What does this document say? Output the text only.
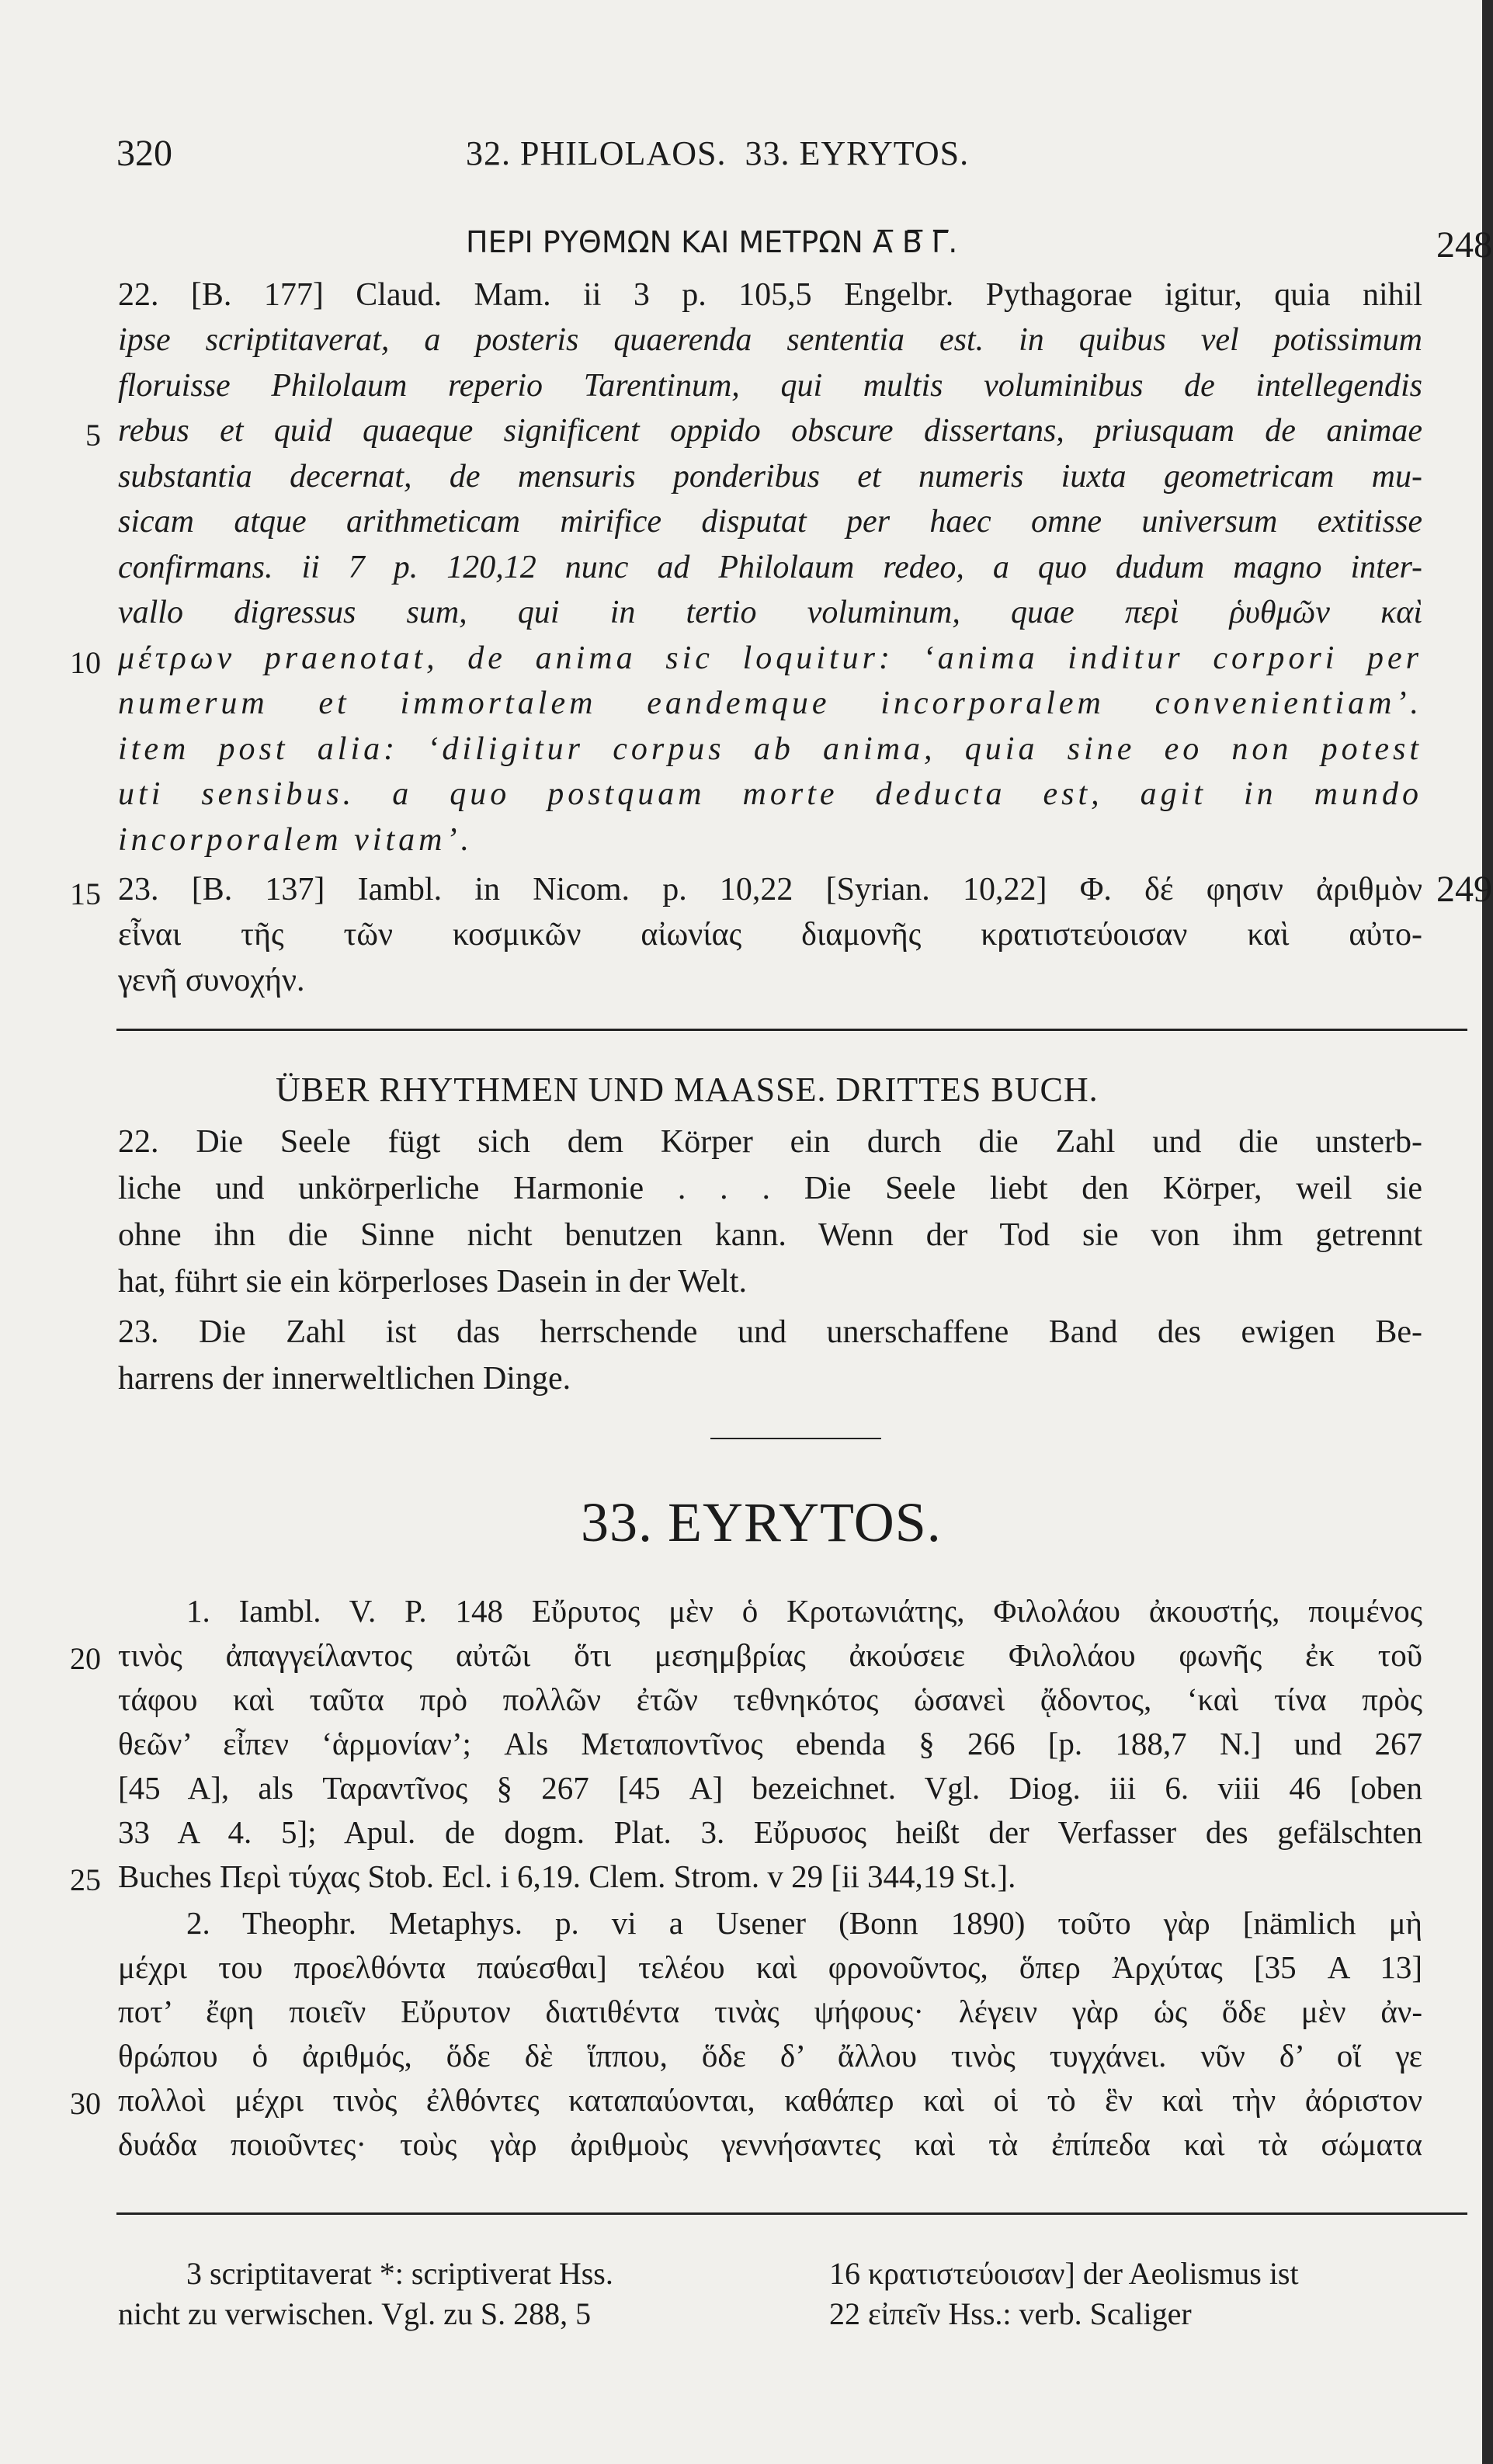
320	32. PHILOLAOS.  33. EYRYTOS.
ΠΕΡΙ ΡΥΘΜΩΝ ΚΑΙ ΜΕΤΡΩΝ Α̅ Β̅ Γ̅.	248
22. [B. 177] Claud. Mam. ii 3 p. 105,5 Engelbr. Pythagorae igitur, quia nihil
ipse scriptitaverat, a posteris quaerenda sententia est. in quibus vel potissimum
floruisse Philolaum reperio Tarentinum, qui multis voluminibus de intellegendis
rebus et quid quaeque significent oppido obscure dissertans, priusquam de animae
substantia decernat, de mensuris ponderibus et numeris iuxta geometricam mu-
sicam atque arithmeticam mirifice disputat per haec omne universum extitisse
confirmans. ii 7 p. 120,12 nunc ad Philolaum redeo, a quo dudum magno inter-
vallo digressus sum, qui in tertio voluminum, quae περὶ ῥυθμῶν καὶ
μέτρων praenotat, de anima sic loquitur: ‘anima inditur corpori per
numerum et immortalem eandemque incorporalem convenientiam’.
item post alia: ‘diligitur corpus ab anima, quia sine eo non potest
uti sensibus. a quo postquam morte deducta est, agit in mundo
incorporalem vitam’.
23. [B. 137] Iambl. in Nicom. p. 10,22 [Syrian. 10,22] Φ. δέ φησιν ἀριθμὸν
εἶναι τῆς τῶν κοσμικῶν αἰωνίας διαμονῆς κρατιστεύοισαν καὶ αὐτο-
γενῆ συνοχήν.
5
10
15	249
ÜBER RHYTHMEN UND MAASSE. DRITTES BUCH.
22. Die Seele fügt sich dem Körper ein durch die Zahl und die unsterb-
liche und unkörperliche Harmonie . . . Die Seele liebt den Körper, weil sie
ohne ihn die Sinne nicht benutzen kann. Wenn der Tod sie von ihm getrennt
hat, führt sie ein körperloses Dasein in der Welt.
23. Die Zahl ist das herrschende und unerschaffene Band des ewigen Be-
harrens der innerweltlichen Dinge.
33. EYRYTOS.
1. Iambl. V. P. 148 Εὔρυτος μὲν ὁ Κροτωνιάτης, Φιλολάου ἀκουστής, ποιμένος
τινὸς ἀπαγγείλαντος αὐτῶι ὅτι μεσημβρίας ἀκούσειε Φιλολάου φωνῆς ἐκ τοῦ
τάφου καὶ ταῦτα πρὸ πολλῶν ἐτῶν τεθνηκότος ὡσανεὶ ᾄδοντος, ‘καὶ τίνα πρὸς
θεῶν’ εἶπεν ‘ἁρμονίαν’; Als Μεταποντῖνος ebenda § 266 [p. 188,7 N.] und 267
[45 A], als Ταραντῖνος § 267 [45 A] bezeichnet. Vgl. Diog. iii 6. viii 46 [oben
33 A 4. 5]; Apul. de dogm. Plat. 3. Εὔρυσος heißt der Verfasser des gefälschten
Buches Περὶ τύχας Stob. Ecl. i 6,19. Clem. Strom. v 29 [ii 344,19 St.].
2. Theophr. Metaphys. p. vi a Usener (Bonn 1890) τοῦτο γὰρ [nämlich μὴ
μέχρι του προελθόντα παύεσθαι] τελέου καὶ φρονοῦντος, ὅπερ Ἀρχύτας [35 A 13]
ποτ’ ἔφη ποιεῖν Εὔρυτον διατιθέντα τινὰς ψήφους· λέγειν γὰρ ὡς ὅδε μὲν ἀν-
θρώπου ὁ ἀριθμός, ὅδε δὲ ἵππου, ὅδε δ’ ἄλλου τινὸς τυγχάνει. νῦν δ’ οἵ γε
πολλοὶ μέχρι τινὸς ἐλθόντες καταπαύονται, καθάπερ καὶ οἱ τὸ ἓν καὶ τὴν ἀόριστον
δυάδα ποιοῦντες· τοὺς γὰρ ἀριθμοὺς γεννήσαντες καὶ τὰ ἐπίπεδα καὶ τὰ σώματα
20
25
30
3 scriptitaverat *: scriptiverat Hss.
nicht zu verwischen. Vgl. zu S. 288, 5
16 κρατιστεύοισαν] der Aeolismus ist
22 εἰπεῖν Hss.: verb. Scaliger
